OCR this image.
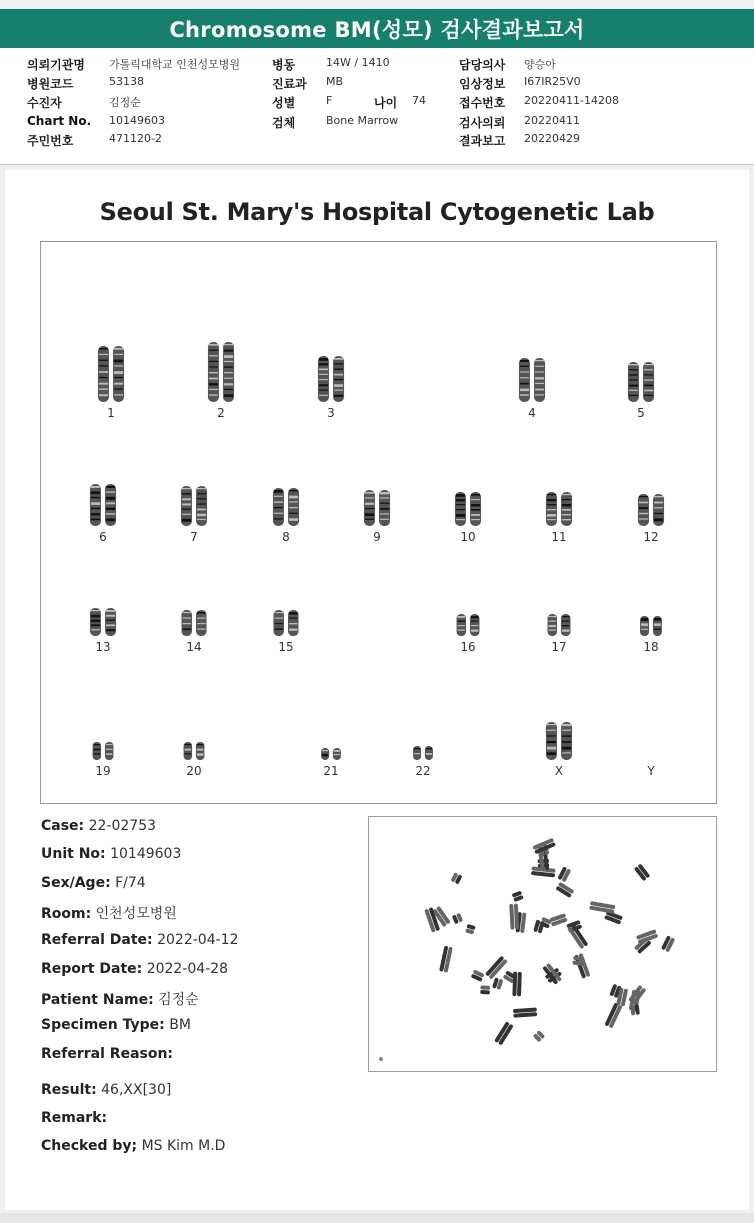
Chromosome BM(성모) 검사결과보고서
의뢰기관명 가톨릭대학교 인천성모병원	병동	14W / 1410	담당의사 양승아
병원코드	53138	진료과 MB	임상정보 I67IR25V0
수진자	김정순	성별	F	나이 74	접수번호 20220411-14208
Chart No. 10149603	검체	Bone Marrow	검사의뢰 20220411
주민번호	471120-2	결과보고 20220429
Seoul St. Mary's Hospital Cytogenetic Lab
1	2	3	4	5
6	7	8	9	10	11	12
13	14	15	16	17	18
19	20	21	22	X	Y
Case: 22-02753
Unit No: 10149603
Sex/Age: F/74
Room: 인천성모병원
Referral Date: 2022-04-12
Report Date: 2022-04-28
Patient Name: 김정순
Specimen Type: BM
Referral Reason:
Result: 46,XX[30]
Remark:
Checked by; MS Kim M.D
